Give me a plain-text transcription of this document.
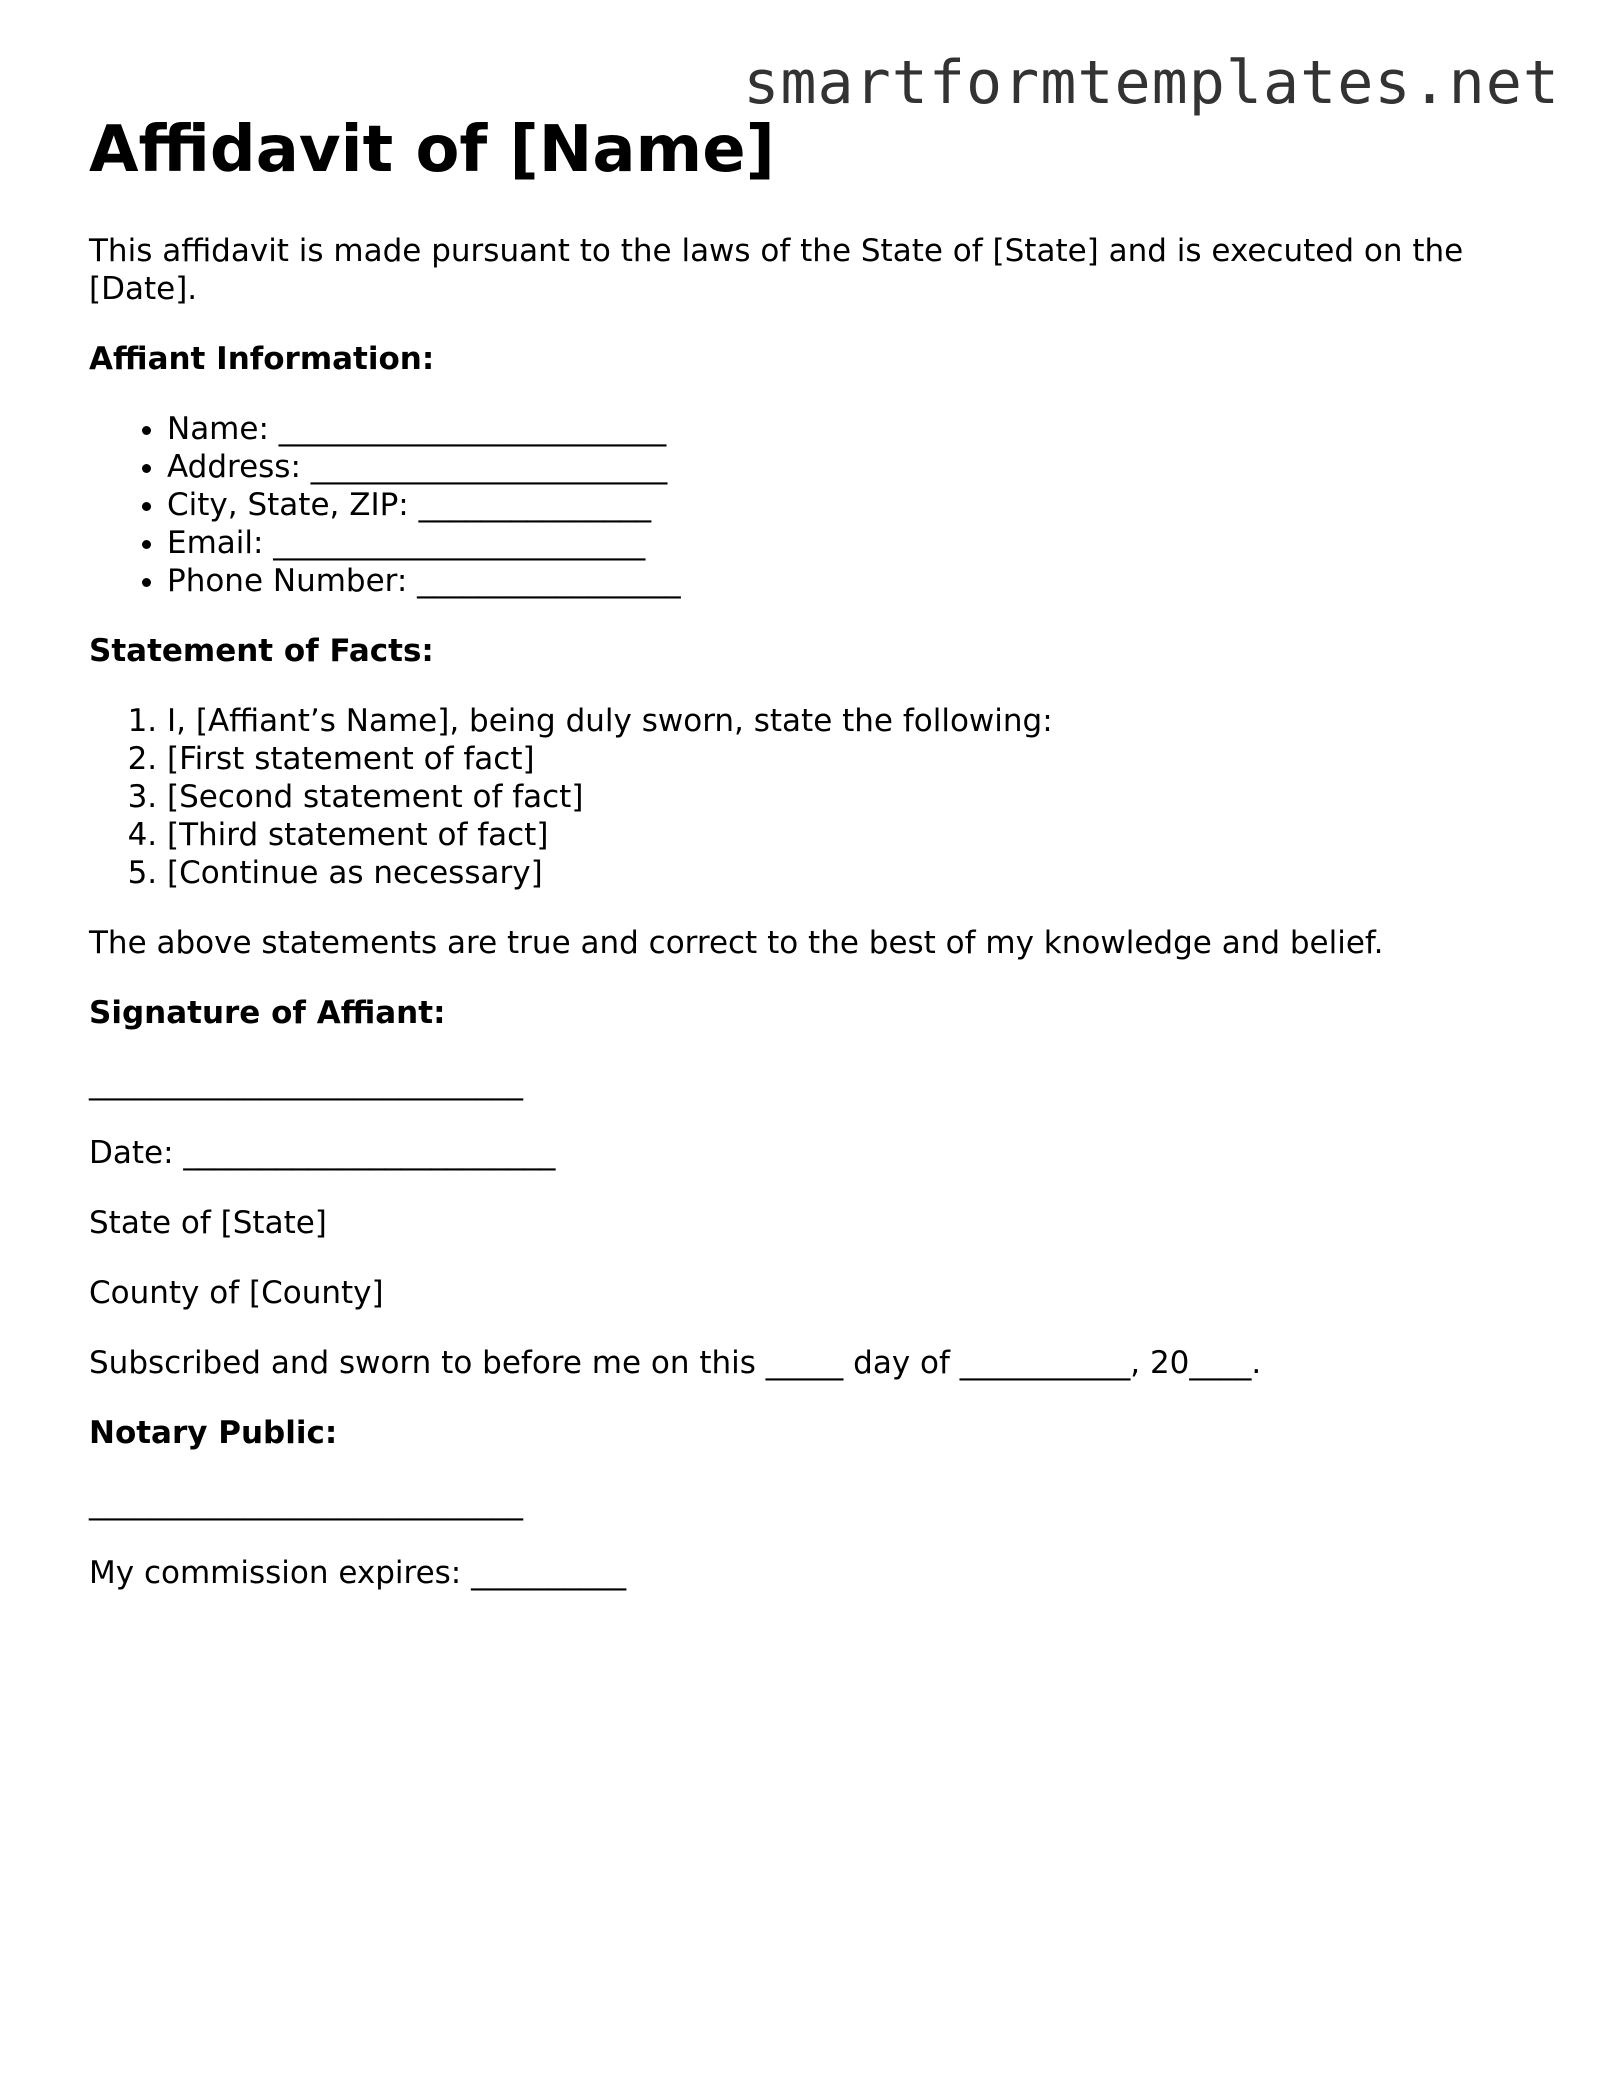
smartformtemplates.net
Affidavit of [Name]

This affidavit is made pursuant to the laws of the State of [State] and is executed on the [Date].

Affiant Information:

• Name: _________________________
• Address: _______________________
• City, State, ZIP: _______________
• Email: ________________________
• Phone Number: _________________

Statement of Facts:

1. I, [Affiant’s Name], being duly sworn, state the following:
2. [First statement of fact]
3. [Second statement of fact]
4. [Third statement of fact]
5. [Continue as necessary]

The above statements are true and correct to the best of my knowledge and belief.

Signature of Affiant:

____________________________

Date: ________________________

State of [State]

County of [County]

Subscribed and sworn to before me on this _____ day of ___________, 20____.

Notary Public:

____________________________

My commission expires: __________
